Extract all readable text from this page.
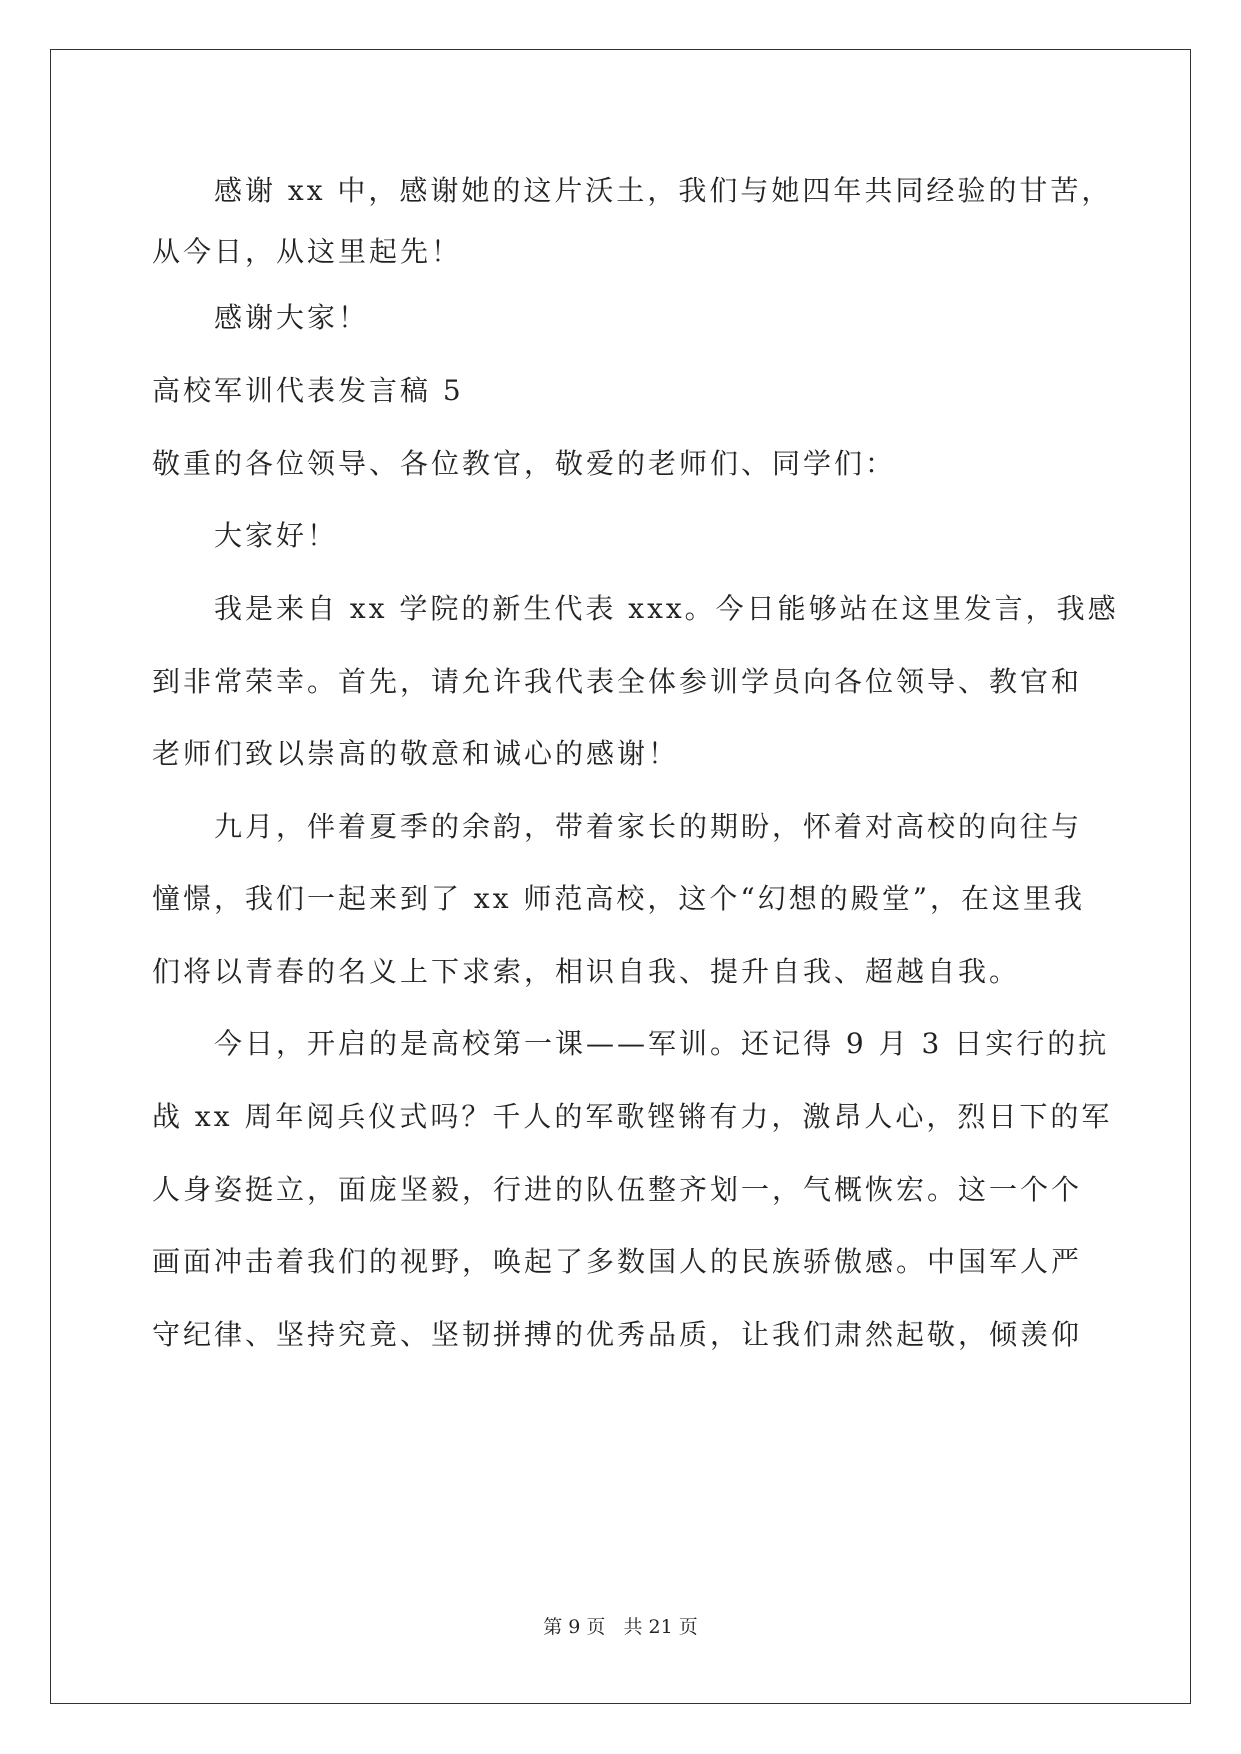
感谢 xx 中，感谢她的这片沃土，我们与她四年共同经验的甘苦，
从今日，从这里起先！
感谢大家！
高校军训代表发言稿 5
敬重的各位领导、各位教官，敬爱的老师们、同学们：
大家好！
我是来自 xx 学院的新生代表 xxx。今日能够站在这里发言，我感
到非常荣幸。首先，请允许我代表全体参训学员向各位领导、教官和
老师们致以崇高的敬意和诚心的感谢！
九月，伴着夏季的余韵，带着家长的期盼，怀着对高校的向往与
憧憬，我们一起来到了 xx 师范高校，这个“幻想的殿堂”，在这里我
们将以青春的名义上下求索，相识自我、提升自我、超越自我。
今日，开启的是高校第一课——军训。还记得 9 月 3 日实行的抗
战 xx 周年阅兵仪式吗？千人的军歌铿锵有力，激昂人心，烈日下的军
人身姿挺立，面庞坚毅，行进的队伍整齐划一，气概恢宏。这一个个
画面冲击着我们的视野，唤起了多数国人的民族骄傲感。中国军人严
守纪律、坚持究竟、坚韧拼搏的优秀品质，让我们肃然起敬，倾羡仰
第 9 页 共 21 页
